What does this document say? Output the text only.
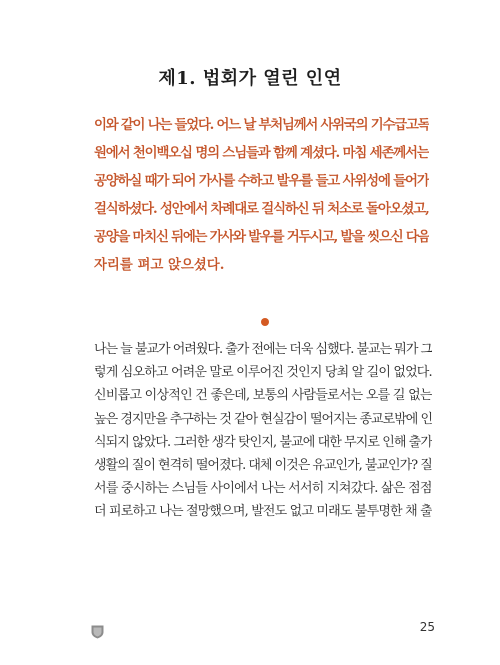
제1. 법회가 열린 인연
이와 같이 나는 들었다. 어느 날 부처님께서 사위국의 기수급고독
원에서 천이백오십 명의 스님들과 함께 계셨다. 마침 세존께서는
공양하실 때가 되어 가사를 수하고 발우를 들고 사위성에 들어가
걸식하셨다. 성안에서 차례대로 걸식하신 뒤 처소로 돌아오셨고,
공양을 마치신 뒤에는 가사와 발우를 거두시고, 발을 씻으신 다음
자리를 펴고 앉으셨다.
나는 늘 불교가 어려웠다. 출가 전에는 더욱 심했다. 불교는 뭐가 그
렇게 심오하고 어려운 말로 이루어진 것인지 당최 알 길이 없었다.
신비롭고 이상적인 건 좋은데, 보통의 사람들로서는 오를 길 없는
높은 경지만을 추구하는 것 같아 현실감이 떨어지는 종교로밖에 인
식되지 않았다. 그러한 생각 탓인지, 불교에 대한 무지로 인해 출가
생활의 질이 현격히 떨어졌다. 대체 이것은 유교인가, 불교인가? 질
서를 중시하는 스님들 사이에서 나는 서서히 지쳐갔다. 삶은 점점
더 피로하고 나는 절망했으며, 발전도 없고 미래도 불투명한 채 출
25
